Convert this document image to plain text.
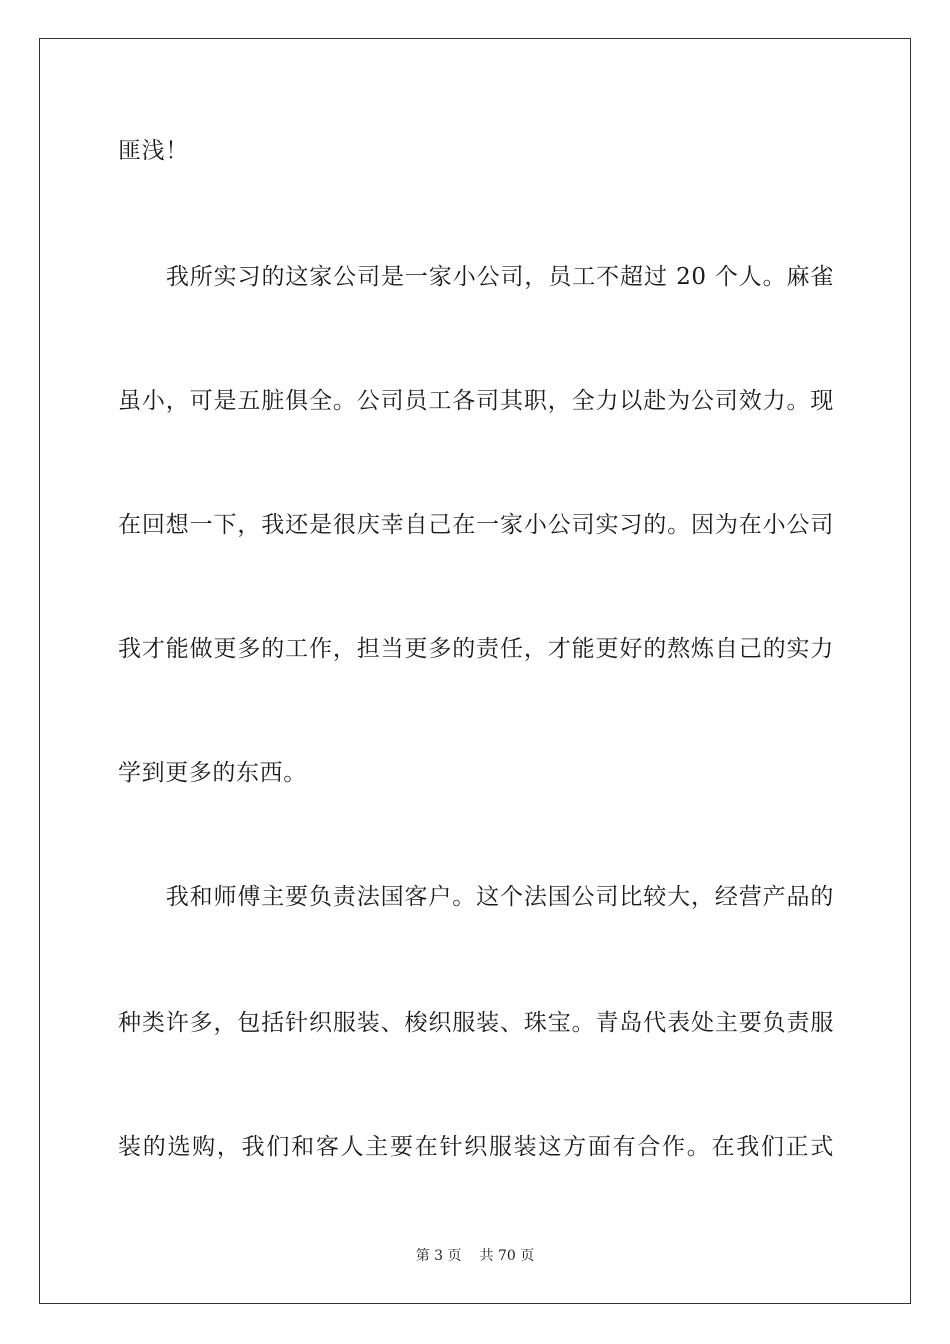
匪浅！
　　我所实习的这家公司是一家小公司，员工不超过 20 个人。麻雀
虽小，可是五脏俱全。公司员工各司其职，全力以赴为公司效力。现
在回想一下，我还是很庆幸自己在一家小公司实习的。因为在小公司
我才能做更多的工作，担当更多的责任，才能更好的熬炼自己的实力
学到更多的东西。
　　我和师傅主要负责法国客户。这个法国公司比较大，经营产品的
种类许多，包括针织服装、梭织服装、珠宝。青岛代表处主要负责服
装的选购，我们和客人主要在针织服装这方面有合作。在我们正式
第 3 页 共 70 页
